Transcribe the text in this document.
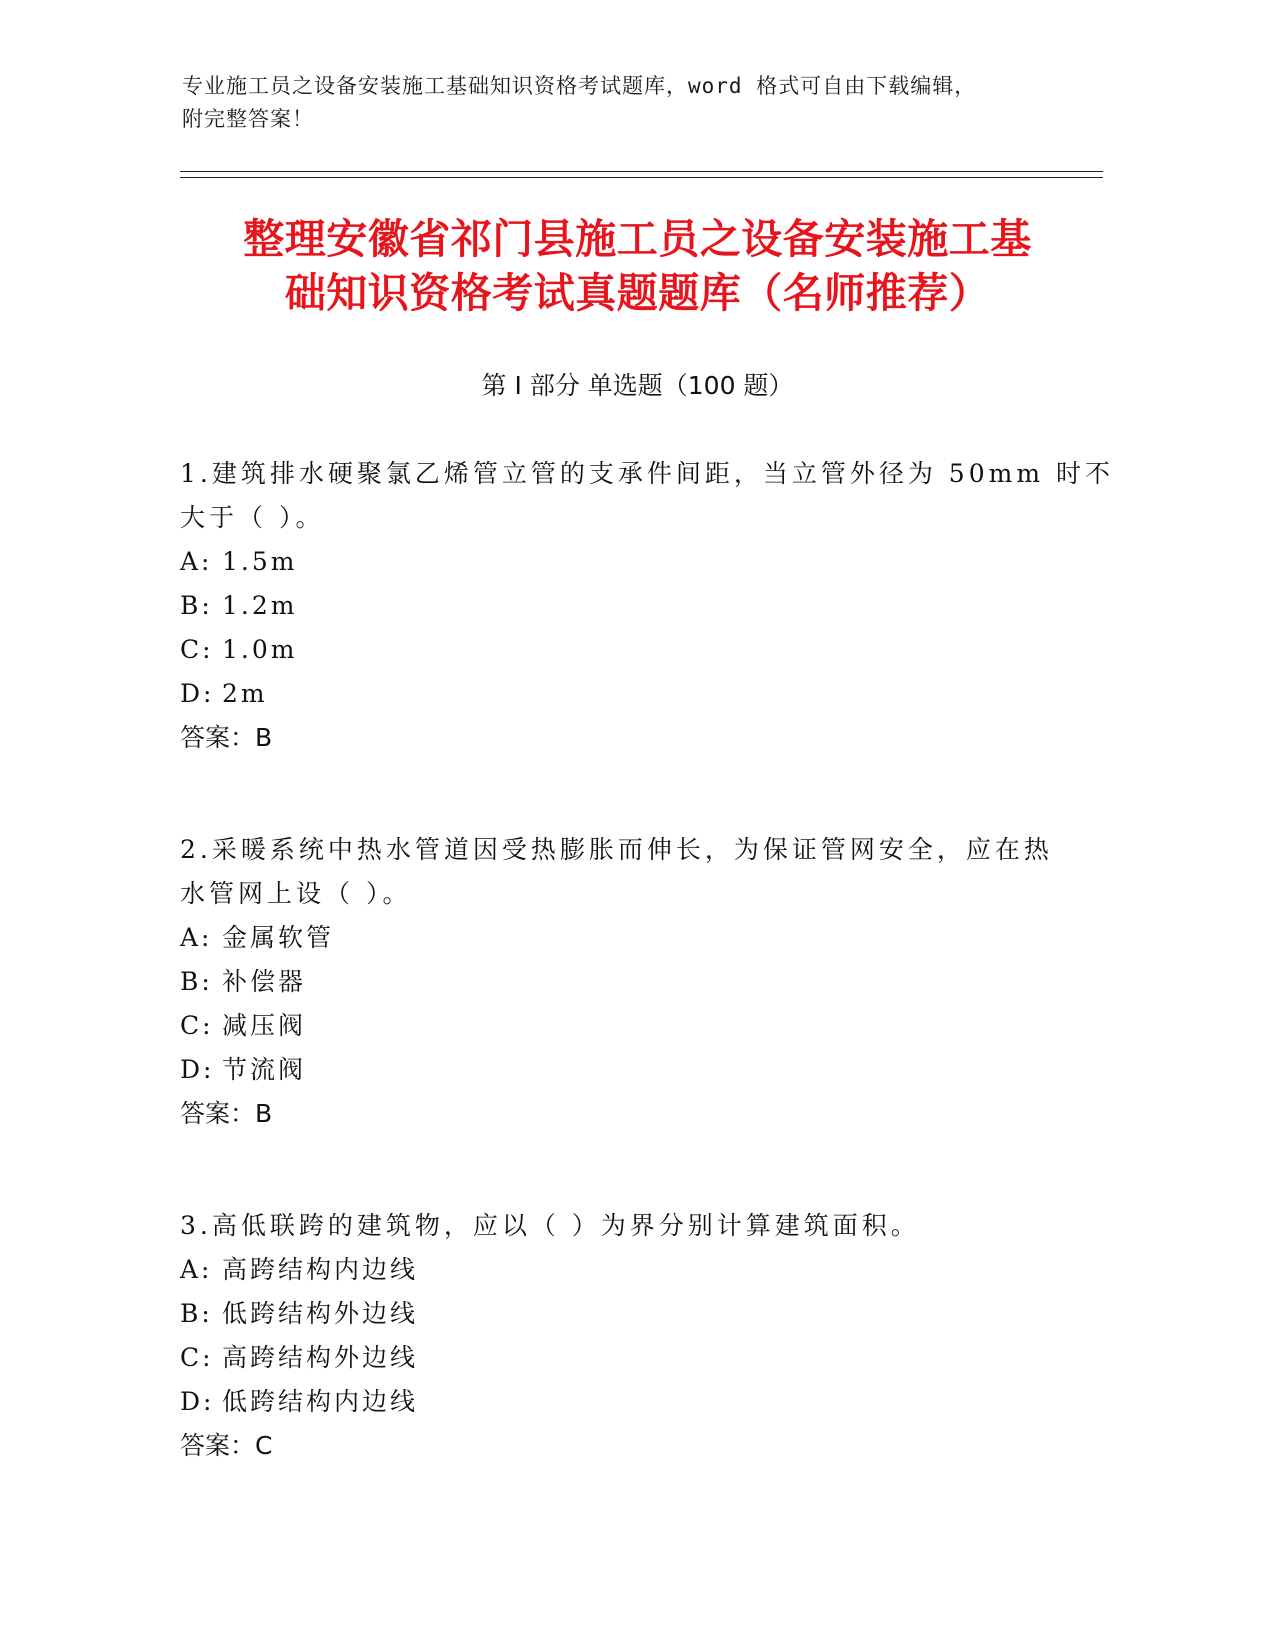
专业施工员之设备安装施工基础知识资格考试题库，word 格式可自由下载编辑，
附完整答案！
整理安徽省祁门县施工员之设备安装施工基
础知识资格考试真题题库（名师推荐）
第 I 部分 单选题（100 题）
1.建筑排水硬聚氯乙烯管立管的支承件间距，当立管外径为 50mm 时不
大于（ ）。
A: 1.5m
B: 1.2m
C: 1.0m
D: 2m
答案：B
2.采暖系统中热水管道因受热膨胀而伸长，为保证管网安全，应在热
水管网上设（ ）。
A: 金属软管
B: 补偿器
C: 减压阀
D: 节流阀
答案：B
3.高低联跨的建筑物，应以（ ）为界分别计算建筑面积。
A: 高跨结构内边线
B: 低跨结构外边线
C: 高跨结构外边线
D: 低跨结构内边线
答案：C
